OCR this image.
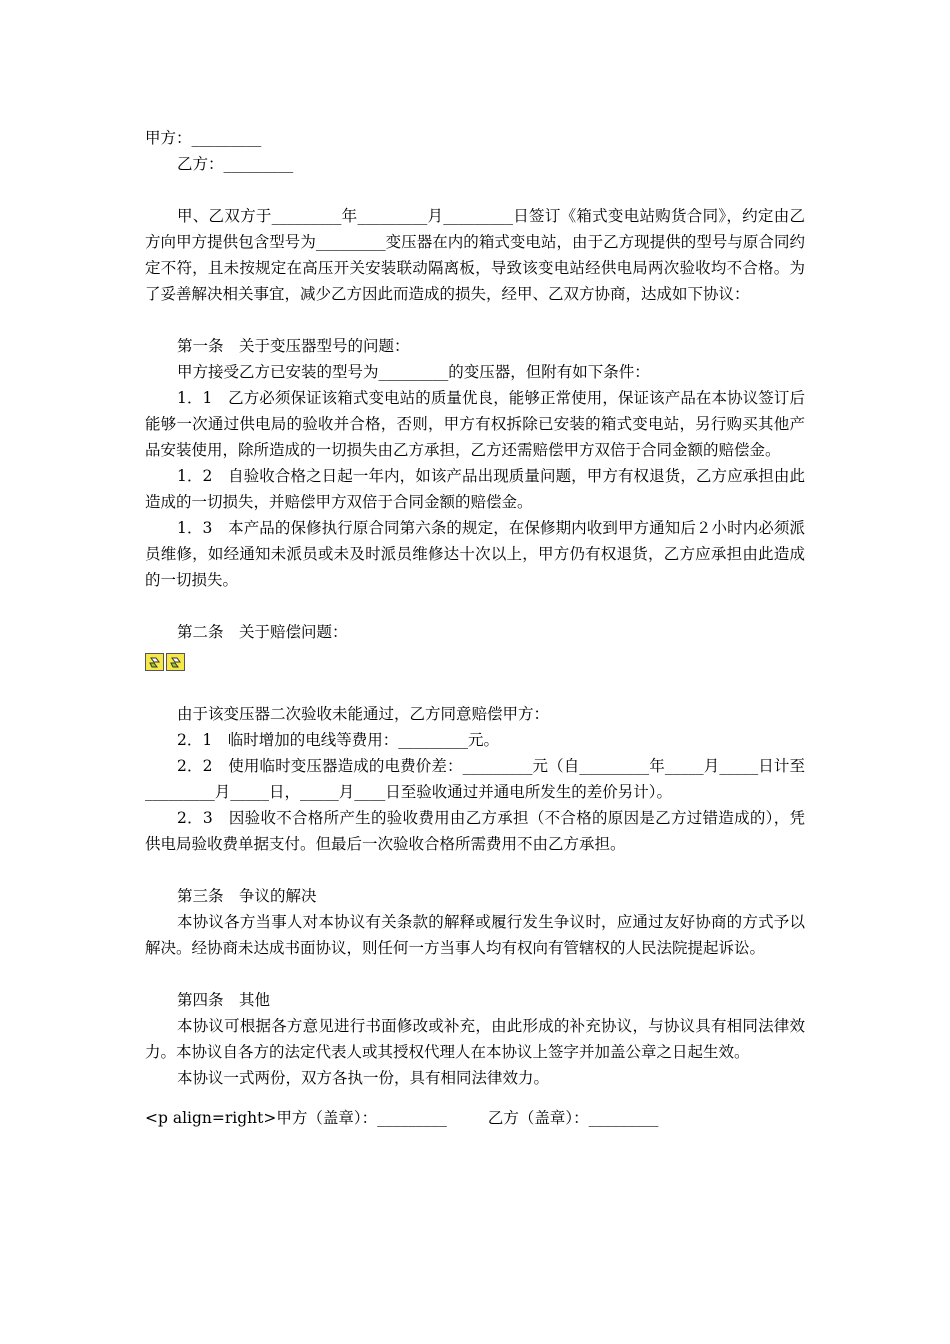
甲方：_________
乙方：_________
甲、乙双方于_________年_________月_________日签订《箱式变电站购货合同》，约定由乙方向甲方提供包含型号为_________变压器在内的箱式变电站，由于乙方现提供的型号与原合同约定不符，且未按规定在高压开关安装联动隔离板，导致该变电站经供电局两次验收均不合格。为了妥善解决相关事宜，减少乙方因此而造成的损失，经甲、乙双方协商，达成如下协议：
第一条　关于变压器型号的问题：
甲方接受乙方已安装的型号为_________的变压器，但附有如下条件：
1．1　乙方必须保证该箱式变电站的质量优良，能够正常使用，保证该产品在本协议签订后能够一次通过供电局的验收并合格，否则，甲方有权拆除已安装的箱式变电站，另行购买其他产品安装使用，除所造成的一切损失由乙方承担，乙方还需赔偿甲方双倍于合同金额的赔偿金。
1．2　自验收合格之日起一年内，如该产品出现质量问题，甲方有权退货，乙方应承担由此造成的一切损失，并赔偿甲方双倍于合同金额的赔偿金。
1．3　本产品的保修执行原合同第六条的规定，在保修期内收到甲方通知后２小时内必须派员维修，如经通知未派员或未及时派员维修达十次以上，甲方仍有权退货，乙方应承担由此造成的一切损失。
第二条　关于赔偿问题：
由于该变压器二次验收未能通过，乙方同意赔偿甲方：
2．1　临时增加的电线等费用：_________元。
2．2　使用临时变压器造成的电费价差：_________元（自_________年_____月_____日计至_________月_____日，_____月____日至验收通过并通电所发生的差价另计）。
2．3　因验收不合格所产生的验收费用由乙方承担（不合格的原因是乙方过错造成的），凭供电局验收费单据支付。但最后一次验收合格所需费用不由乙方承担。
第三条　争议的解决
本协议各方当事人对本协议有关条款的解释或履行发生争议时，应通过友好协商的方式予以解决。经协商未达成书面协议，则任何一方当事人均有权向有管辖权的人民法院提起诉讼。
第四条　其他
本协议可根据各方意见进行书面修改或补充，由此形成的补充协议，与协议具有相同法律效力。本协议自各方的法定代表人或其授权代理人在本协议上签字并加盖公章之日起生效。
本协议一式两份，双方各执一份，具有相同法律效力。
<p align=right>甲方（盖章）：_________	乙方（盖章）：_________
